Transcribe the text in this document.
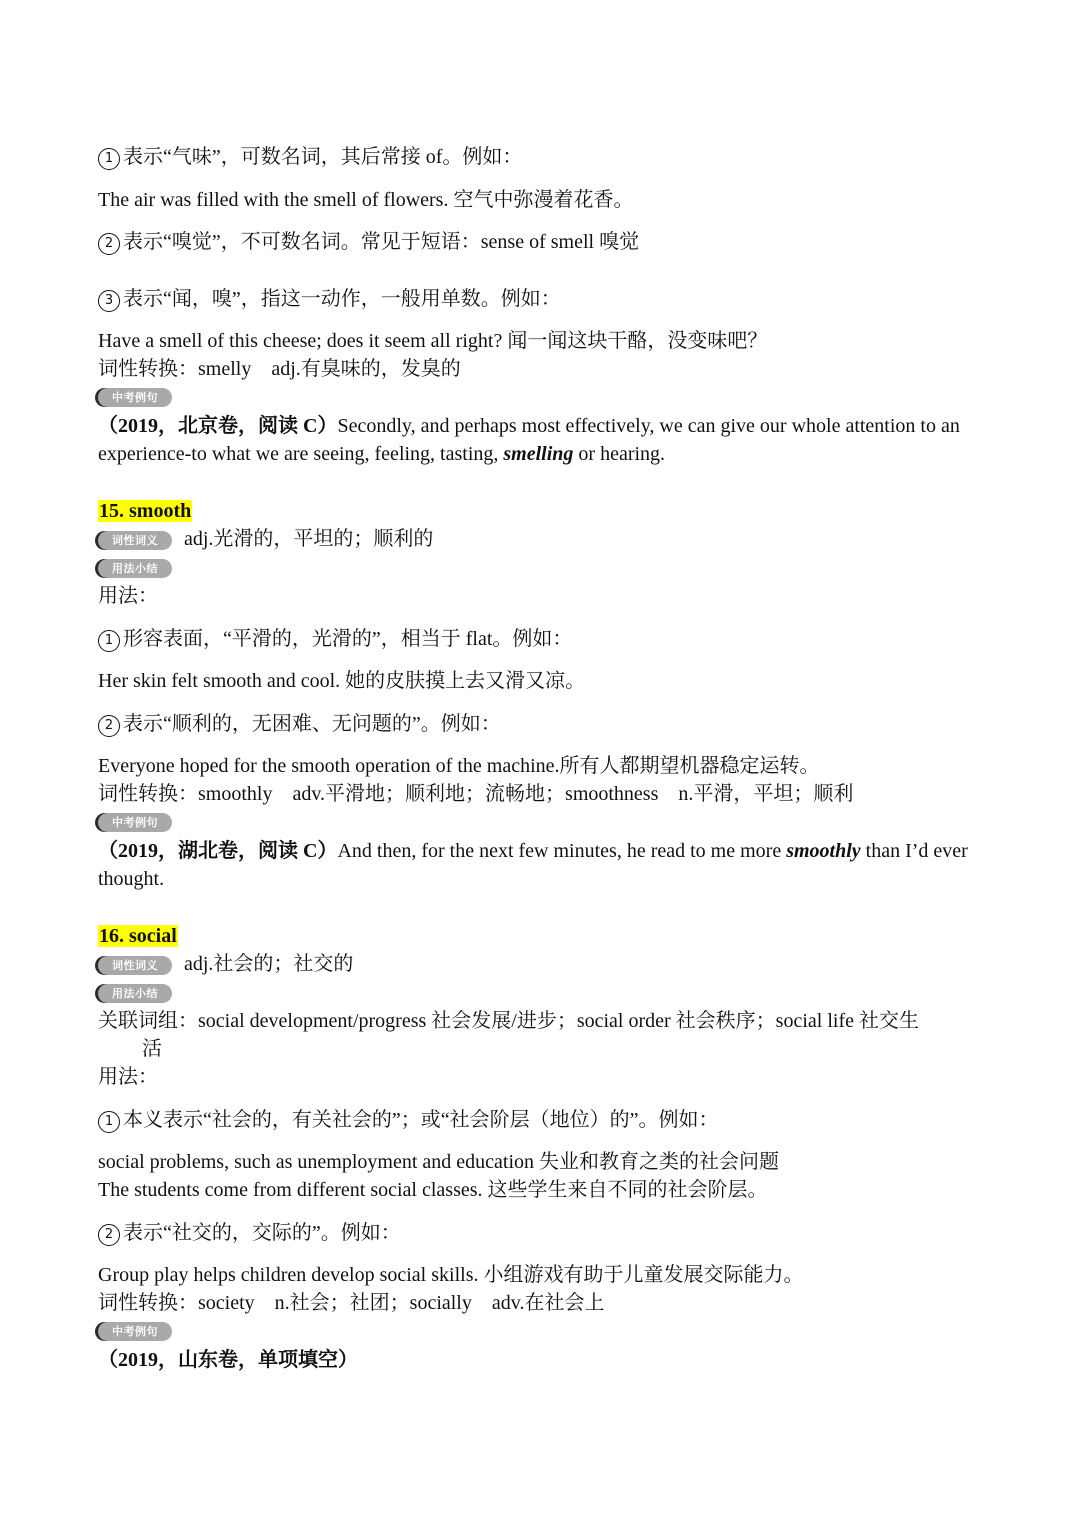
1 表示“气味”，可数名词，其后常接 of。例如：
The air was filled with the smell of flowers. 空气中弥漫着花香。
2 表示“嗅觉”，不可数名词。常见于短语：sense of smell 嗅觉
3 表示“闻，嗅”，指这一动作，一般用单数。例如：
Have a smell of this cheese; does it seem all right? 闻一闻这块干酪，没变味吧？
词性转换：smelly adj.有臭味的，发臭的
中考例句
（2019，北京卷，阅读 C）Secondly, and perhaps most effectively, we can give our whole attention to an experience-to what we are seeing, feeling, tasting, smelling or hearing.
15. smooth
词性词义	adj.光滑的，平坦的；顺利的
用法小结
用法：
1 形容表面，“平滑的，光滑的”，相当于 flat。例如：
Her skin felt smooth and cool. 她的皮肤摸上去又滑又凉。
2 表示“顺利的，无困难、无问题的”。例如：
Everyone hoped for the smooth operation of the machine.所有人都期望机器稳定运转。
词性转换：smoothly adv.平滑地；顺利地；流畅地；smoothness n.平滑，平坦；顺利
中考例句
（2019，湖北卷，阅读 C）And then, for the next few minutes, he read to me more smoothly than I’d ever thought.
16. social
词性词义	adj.社会的；社交的
用法小结
关联词组：social development/progress 社会发展/进步；social order 社会秩序；social life 社交生
活
用法：
1 本义表示“社会的，有关社会的”；或“社会阶层（地位）的”。例如：
social problems, such as unemployment and education 失业和教育之类的社会问题
The students come from different social classes. 这些学生来自不同的社会阶层。
2 表示“社交的，交际的”。例如：
Group play helps children develop social skills. 小组游戏有助于儿童发展交际能力。
词性转换：society n.社会；社团；socially adv.在社会上
中考例句
（2019，山东卷，单项填空）
